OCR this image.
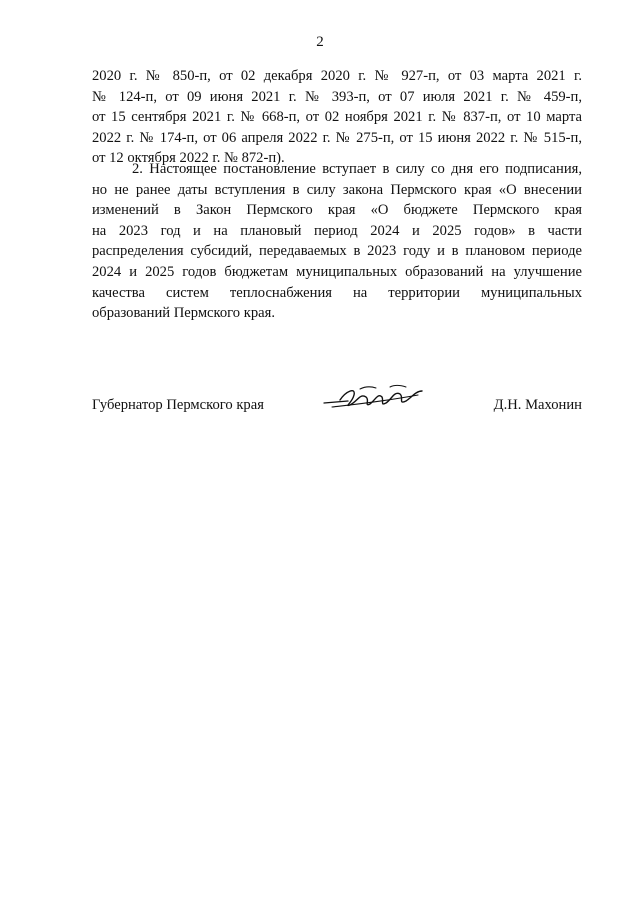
2
2020 г. № 850-п, от 02 декабря 2020 г. № 927-п, от 03 марта 2021 г.
№ 124-п, от 09 июня 2021 г. № 393-п, от 07 июля 2021 г. № 459-п,
от 15 сентября 2021 г. № 668-п, от 02 ноября 2021 г. № 837-п, от 10 марта
2022 г. № 174-п, от 06 апреля 2022 г. № 275-п, от 15 июня 2022 г. № 515-п,
от 12 октября 2022 г. № 872-п).
2. Настоящее постановление вступает в силу со дня его подписания,
но не ранее даты вступления в силу закона Пермского края «О внесении
изменений в Закон Пермского края «О бюджете Пермского края
на 2023 год и на плановый период 2024 и 2025 годов» в части
распределения субсидий, передаваемых в 2023 году и в плановом периоде
2024 и 2025 годов бюджетам муниципальных образований на улучшение
качества систем теплоснабжения на территории муниципальных
образований Пермского края.
Губернатор Пермского края	Д.Н. Махонин
